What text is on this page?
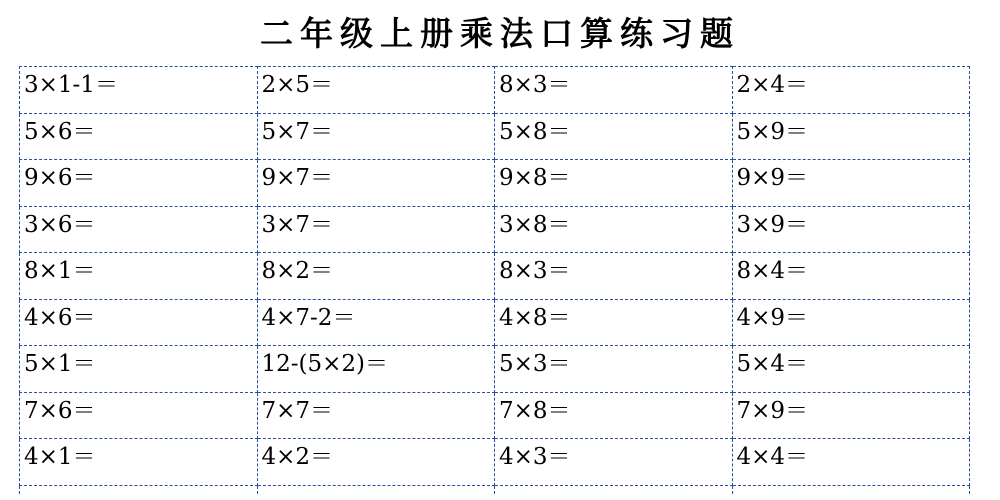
二年级上册乘法口算练习题
3×1-1＝	2×5＝	8×3＝	2×4＝
5×6＝	5×7＝	5×8＝	5×9＝
9×6＝	9×7＝	9×8＝	9×9＝
3×6＝	3×7＝	3×8＝	3×9＝
8×1＝	8×2＝	8×3＝	8×4＝
4×6＝	4×7-2＝	4×8＝	4×9＝
5×1＝	12-(5×2)＝	5×3＝	5×4＝
7×6＝	7×7＝	7×8＝	7×9＝
4×1＝	4×2＝	4×3＝	4×4＝
